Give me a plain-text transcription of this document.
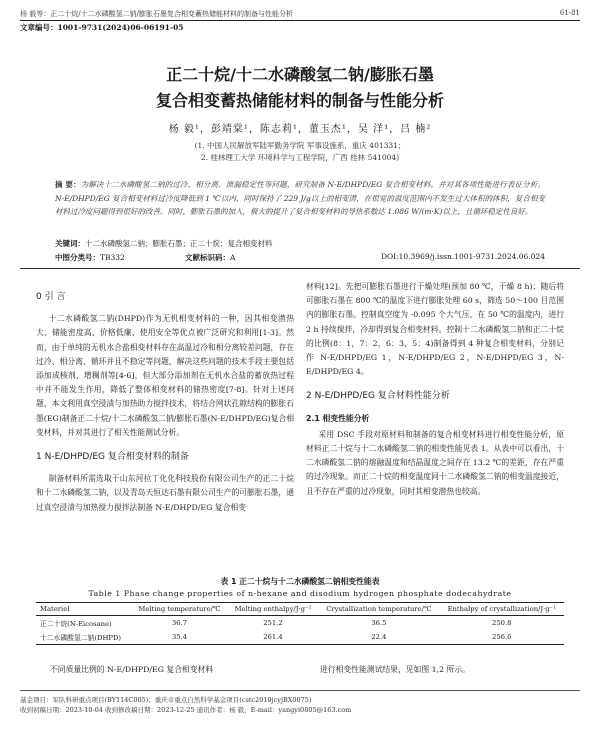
杨 毅等：正二十烷/十二水磷酸氢二钠/膨胀石墨复合相变蓄热储能材料的制备与性能分析	61-81
文章编号：1001-9731(2024)06-06191-05
正二十烷/十二水磷酸氢二钠/膨胀石墨
复合相变蓄热储能材料的制备与性能分析
杨 毅¹，彭靖棠¹，陈志莉¹，董玉杰¹，吴 洋¹，吕 楠²
(1. 中国人民解放军陆军勤务学院 军事设施系，重庆 401331；
2. 桂林理工大学 环境科学与工程学院，广西 桂林 541004)
摘 要：为解决十二水磷酸氢二钠的过冷、相分离、泄漏稳定性等问题，研究制备 N-E/DHPD/EG 复合相变材料，并对其各项性能进行表征分析。N-E/DHPD/EG 复合相变材料过冷度降低到 1 ℃以内，同时保持了 229 J/g以上的相变潜，在很宽的温度范围内不发生过大体积的体积，复合相变材料过冷度问题得到很好的改善。同时，膨胀石墨的加入，极大的提升了复合相变材料的导热系数达 1.086 W/(m·K)以上，且循环稳定性良好。
关键词：十二水磷酸氢二钠；膨胀石墨；正二十烷；复合相变材料
中图分类号：TB332	文献标识码：A	DOI:10.3969/j.issn.1001-9731.2024.06.024
0 引 言

十二水磷酸氢二钠(DHPD)作为无机相变材料的一种，因其相变潜热大、储能密度高、价格低廉、使用安全等优点被广泛研究和利用[1-3]。然而，由于单纯的无机水合盐相变材料存在高温过冷和相分离较差问题，存在过冷、相分离、循环并且不稳定等问题，解决这些问题的技术手段主要包括添加成核剂、增稠剂等[4-6]，但大部分添加剂在无机水合盐的蓄放热过程中并不能发生作用，降低了整体相变材料的储热密度[7-8]。针对上述问题，本文利用真空浸渍与加热助力搅拌技术，将结合网状孔隙结构的膨胀石墨(EG)制备正二十烷/十二水磷酸氢二钠/膨胀石墨(N-E/DHPD/EG)复合相变材料，并对其进行了相关性能测试分析。

1 N-E/DHPD/EG 复合相变材料的制备

制备材料所需选取于山东河拉丁化化科技股份有限公司生产的正二十烷和十二水磷酸氢二钠，以及青岛天恒达石墨有限公司生产的可膨胀石墨，通过真空浸渍与加热搅力搅拌法制备 N-E/DHPD/EG 复合相变

材料[12]。先把可膨胀石墨进行干燥处理(预加 80 ℃，干燥 8 h)；随后将可膨胀石墨在 800 ℃的温度下进行膨胀处理 60 s，筛选 50～100 目范围内的膨胀石墨。控制真空度为 -0.095 个大气压，在 50 ℃的温度内，进行 2 h 持续搅拌，冷却得到复合相变材料。控制十二水磷酸氢二钠和正二十烷的比例(8：1，7：2，6：3，5：4)制备得到 4 种复合相变材料，分别记作 N-E/DHPD/EG 1，N-E/DHPD/EG 2，N-E/DHPD/EG 3，N-E/DHPD/EG 4。

2 N-E/DHPD/EG 复合材料性能分析
2.1 相变性能分析

采用 DSC 手段对原材料和制备的复合相变材料进行相变性能分析，原材料正二十烷与十二水磷酸氢二钠的相变性能见表 1。从表中可以看出，十二水磷酸氢二钠的熔融温度和结晶温度之间存在 13.2 ℃的差距，存在严重的过冷现象。而正二十烷的相变温度同十二水磷酸氢二钠的相变温度接近，且不存在严重的过冷现象，同时其相变潜热也较高。

表 1 正二十烷与十二水磷酸氢二钠相变性能表
Table 1 Phase change properties of n-hexane and disodium hydrogen phosphate dodecahydrate
Materiel	Melting temperature/℃	Melting enthalpy/J·g⁻¹	Crystallization temperature/℃	Enthalpy of crystallization/J·g⁻¹
正二十烷(N-Eicosane)	36.7	251.2	36.5	250.8
十二水磷酸氢二钠(DHPD)	35.4	261.4	22.4	256.6
不同质量比例的 N-E/DHPD/EG 复合相变材料	进行相变性能测试结果，见如图 1,2 所示。
基金项目：军队科研重点项目(BY114C005)；重庆市重点自然科学基金项目(cstc2019jcyjBX0075)
收到初稿日期：2023-10-04 收到修改稿日期：2023-12-25 通讯作者：杨 毅，E-mail：yangyi0805@163.com
